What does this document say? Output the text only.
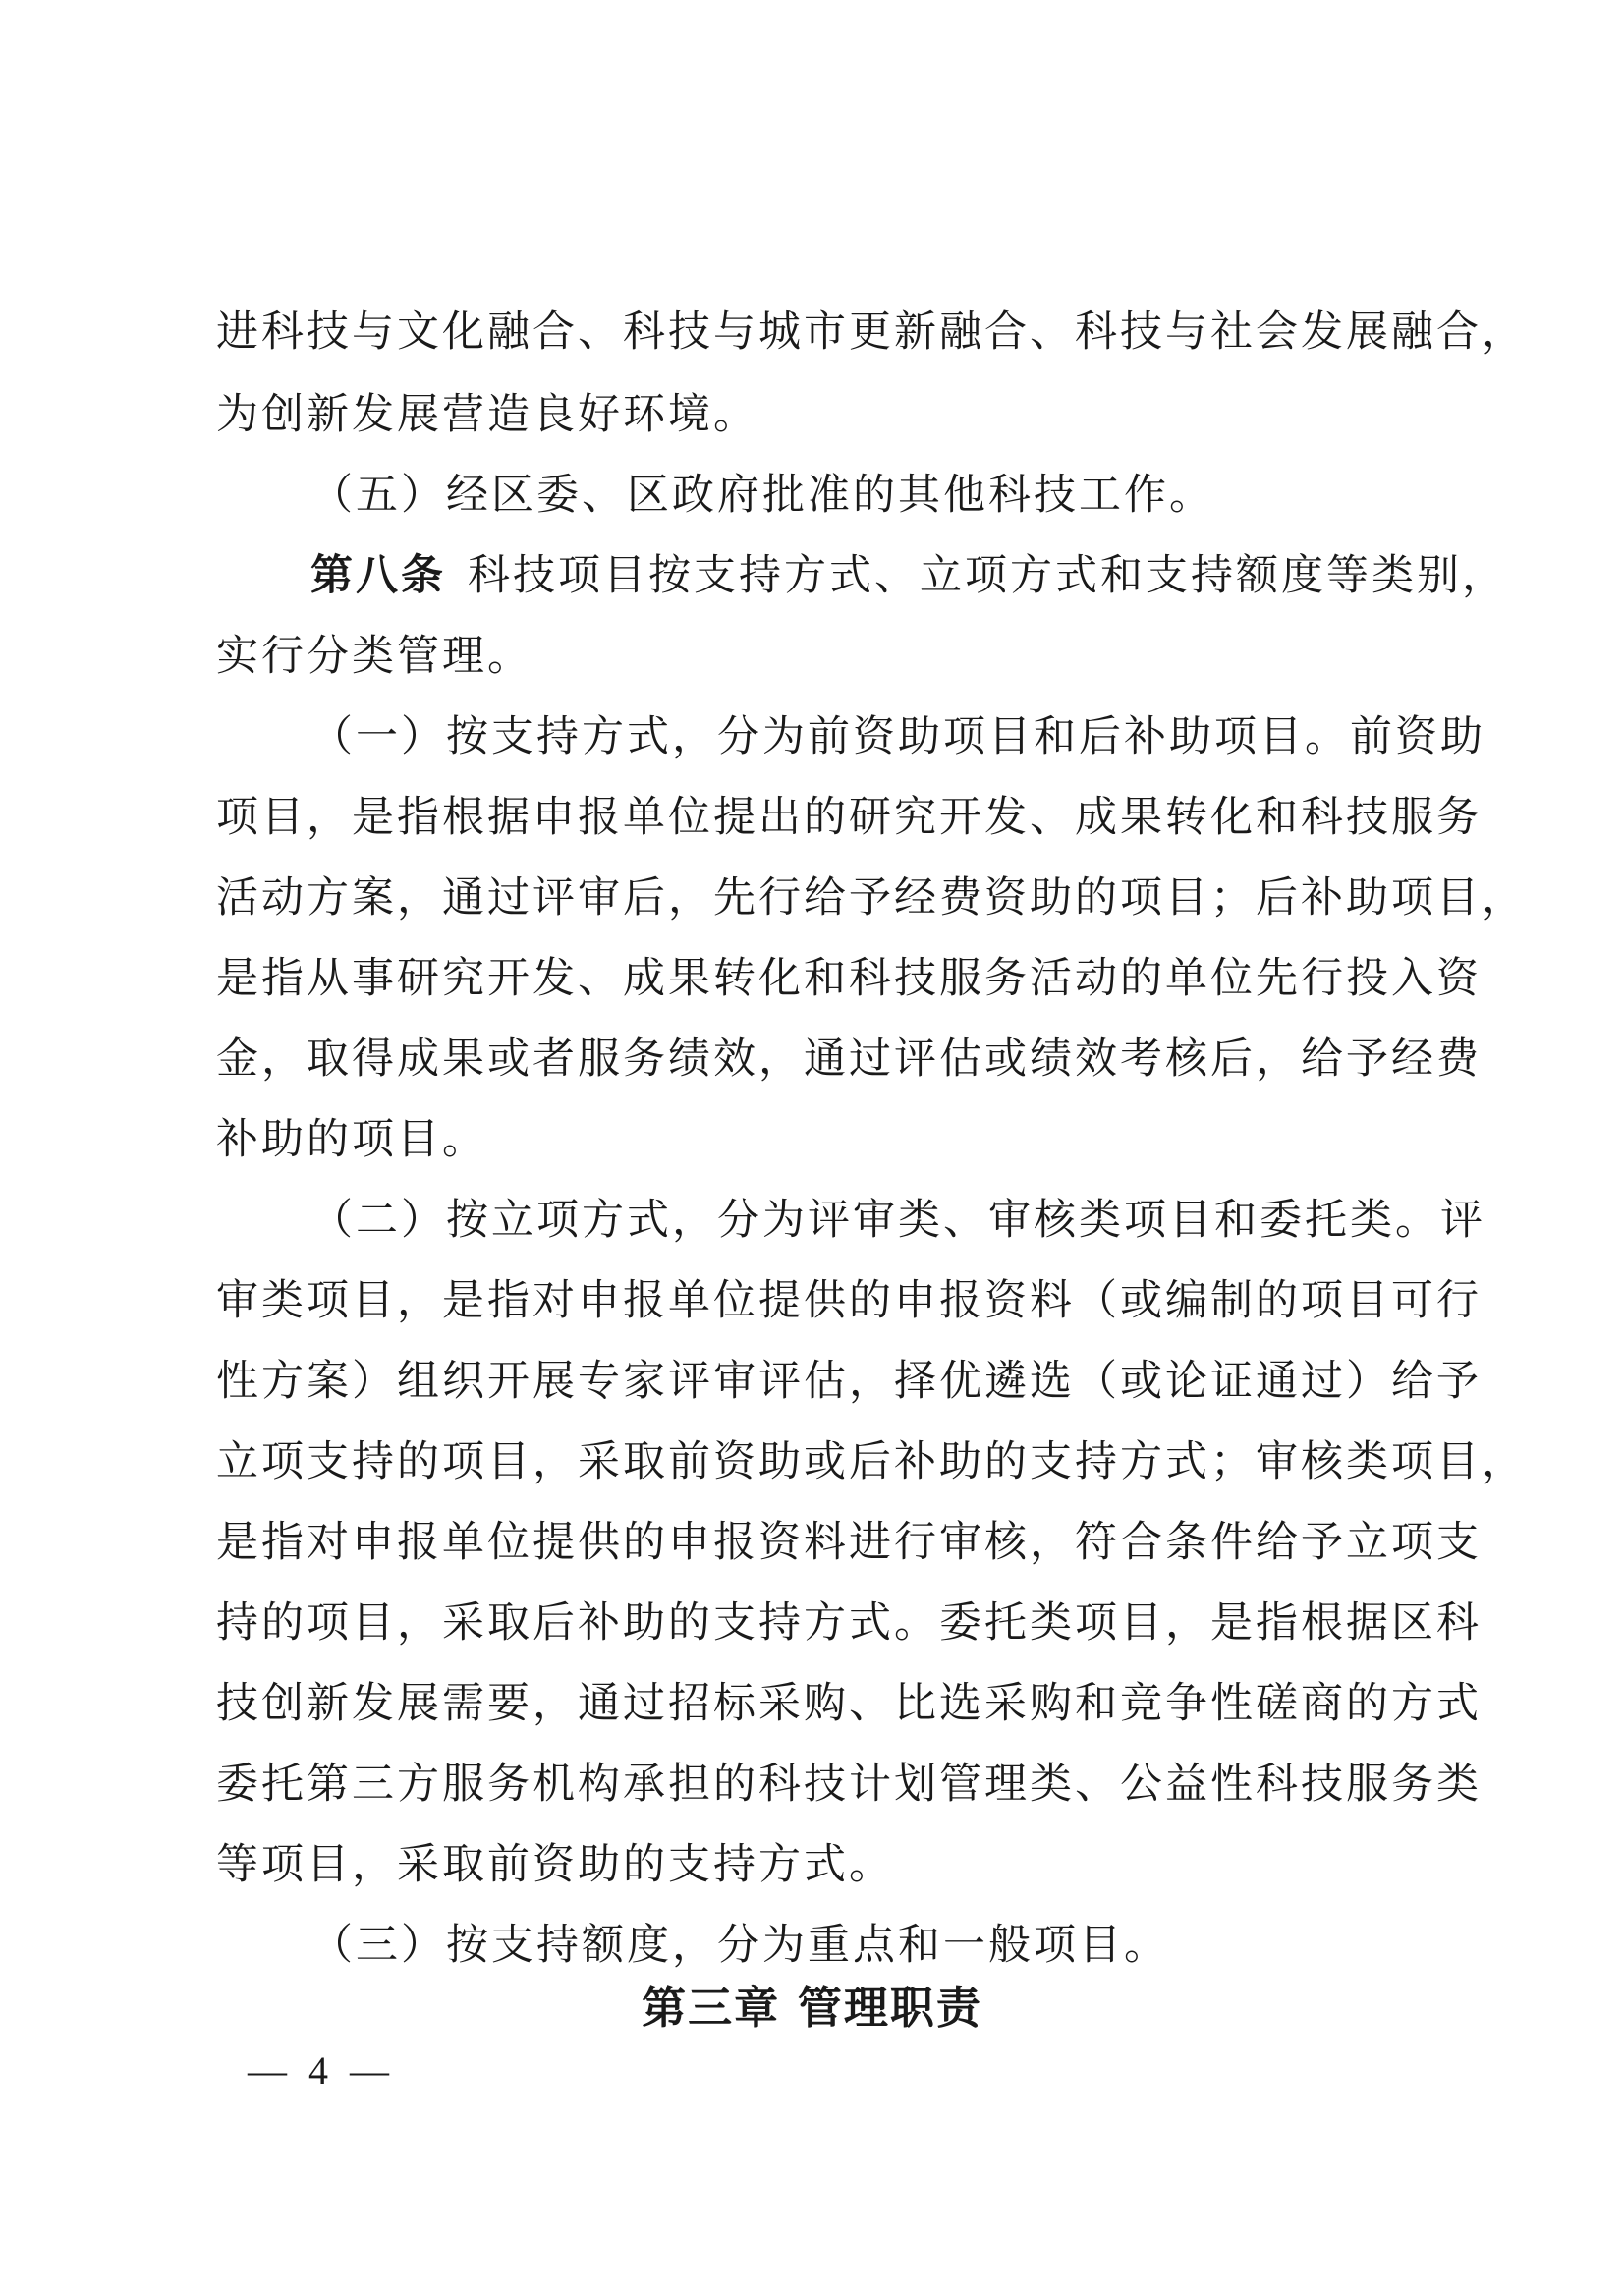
进科技与文化融合、科技与城市更新融合、科技与社会发展融合，
为创新发展营造良好环境。
（五）经区委、区政府批准的其他科技工作。
第八条 科技项目按支持方式、立项方式和支持额度等类别，
实行分类管理。
（一）按支持方式，分为前资助项目和后补助项目。前资助
项目，是指根据申报单位提出的研究开发、成果转化和科技服务
活动方案，通过评审后，先行给予经费资助的项目；后补助项目，
是指从事研究开发、成果转化和科技服务活动的单位先行投入资
金，取得成果或者服务绩效，通过评估或绩效考核后，给予经费
补助的项目。
（二）按立项方式，分为评审类、审核类项目和委托类。评
审类项目，是指对申报单位提供的申报资料（或编制的项目可行
性方案）组织开展专家评审评估，择优遴选（或论证通过）给予
立项支持的项目，采取前资助或后补助的支持方式；审核类项目，
是指对申报单位提供的申报资料进行审核，符合条件给予立项支
持的项目，采取后补助的支持方式。委托类项目，是指根据区科
技创新发展需要，通过招标采购、比选采购和竞争性磋商的方式
委托第三方服务机构承担的科技计划管理类、公益性科技服务类
等项目，采取前资助的支持方式。
（三）按支持额度，分为重点和一般项目。
第三章 管理职责
— 4 —
